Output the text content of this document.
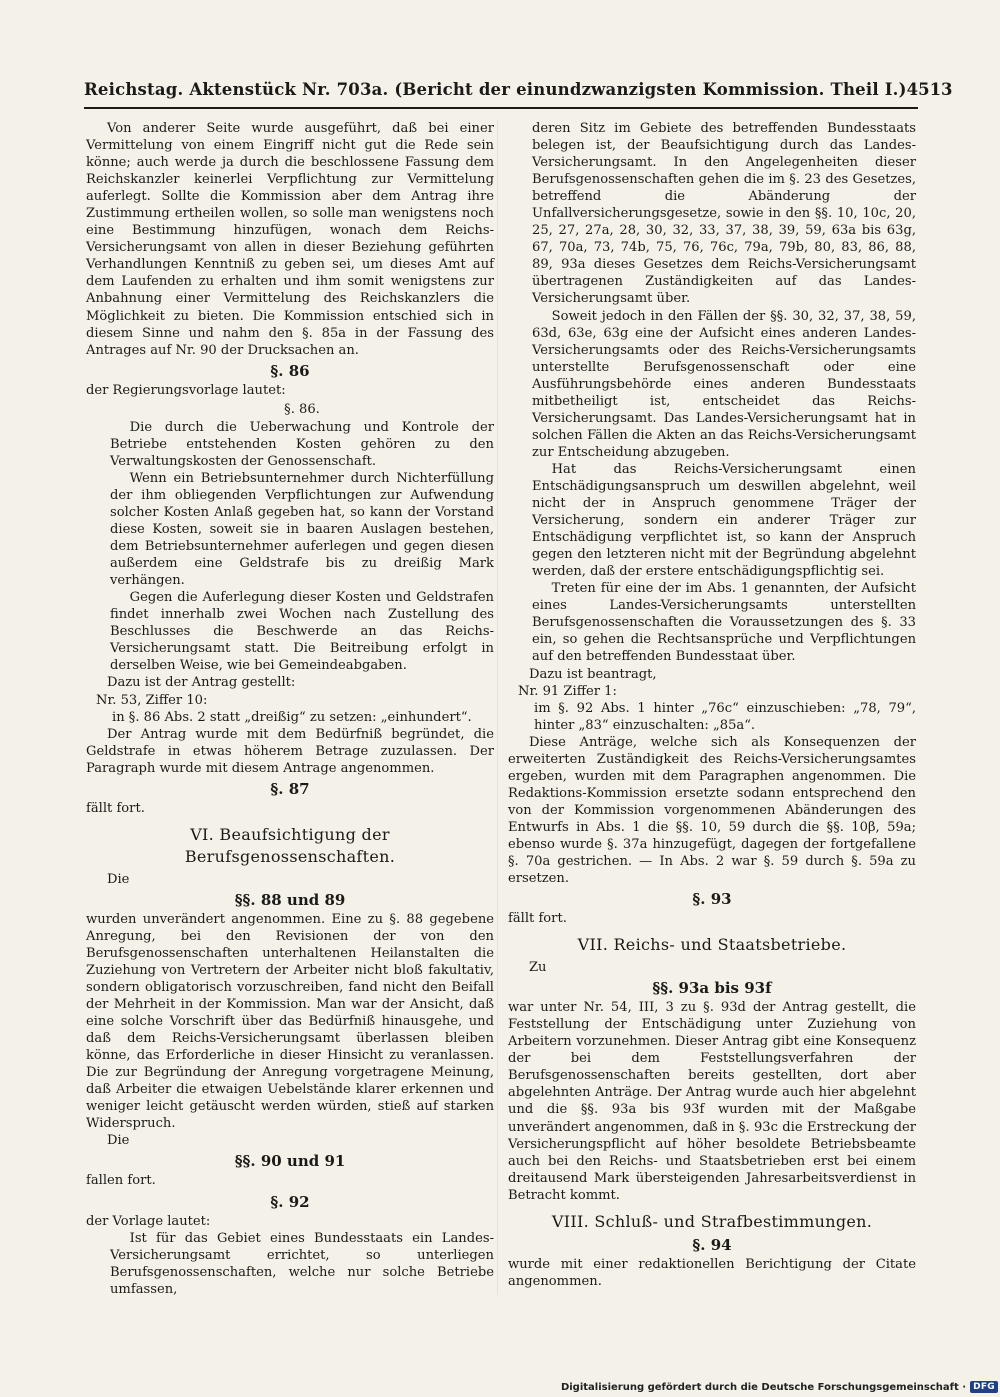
Reichstag. Aktenstück Nr. 703a. (Bericht der einundzwanzigsten Kommission. Theil I.) 4513

Von anderer Seite wurde ausgeführt, daß bei einer Vermittelung von einem Eingriff nicht gut die Rede sein könne; auch werde ja durch die beschlossene Fassung dem Reichskanzler keinerlei Verpflichtung zur Vermittelung auferlegt. Sollte die Kommission aber dem Antrag ihre Zustimmung ertheilen wollen, so solle man wenigstens noch eine Bestimmung hinzufügen, wonach dem Reichs-Versicherungsamt von allen in dieser Beziehung geführten Verhandlungen Kenntniß zu geben sei, um dieses Amt auf dem Laufenden zu erhalten und ihm somit wenigstens zur Anbahnung einer Vermittelung des Reichskanzlers die Möglichkeit zu bieten. Die Kommission entschied sich in diesem Sinne und nahm den §. 85a in der Fassung des Antrages auf Nr. 90 der Drucksachen an.

§. 86

der Regierungsvorlage lautet:

§. 86.

Die durch die Ueberwachung und Kontrole der Betriebe entstehenden Kosten gehören zu den Verwaltungskosten der Genossenschaft.

Wenn ein Betriebsunternehmer durch Nichterfüllung der ihm obliegenden Verpflichtungen zur Aufwendung solcher Kosten Anlaß gegeben hat, so kann der Vorstand diese Kosten, soweit sie in baaren Auslagen bestehen, dem Betriebsunternehmer auferlegen und gegen diesen außerdem eine Geldstrafe bis zu dreißig Mark verhängen.

Gegen die Auferlegung dieser Kosten und Geldstrafen findet innerhalb zwei Wochen nach Zustellung des Beschlusses die Beschwerde an das Reichs-Versicherungsamt statt. Die Beitreibung erfolgt in derselben Weise, wie bei Gemeindeabgaben.

Dazu ist der Antrag gestellt:

Nr. 53, Ziffer 10:

in §. 86 Abs. 2 statt „dreißig“ zu setzen: „einhundert“.

Der Antrag wurde mit dem Bedürfniß begründet, die Geldstrafe in etwas höherem Betrage zuzulassen. Der Paragraph wurde mit diesem Antrage angenommen.

§. 87

fällt fort.

VI. Beaufsichtigung der Berufsgenossenschaften.

Die

§§. 88 und 89

wurden unverändert angenommen. Eine zu §. 88 gegebene Anregung, bei den Revisionen der von den Berufsgenossenschaften unterhaltenen Heilanstalten die Zuziehung von Vertretern der Arbeiter nicht bloß fakultativ, sondern obligatorisch vorzuschreiben, fand nicht den Beifall der Mehrheit in der Kommission. Man war der Ansicht, daß eine solche Vorschrift über das Bedürfniß hinausgehe, und daß dem Reichs-Versicherungsamt überlassen bleiben könne, das Erforderliche in dieser Hinsicht zu veranlassen. Die zur Begründung der Anregung vorgetragene Meinung, daß Arbeiter die etwaigen Uebelstände klarer erkennen und weniger leicht getäuscht werden würden, stieß auf starken Widerspruch.

Die

§§. 90 und 91

fallen fort.

§. 92

der Vorlage lautet:

Ist für das Gebiet eines Bundesstaats ein Landes-Versicherungsamt errichtet, so unterliegen Berufsgenossenschaften, welche nur solche Betriebe umfassen,

deren Sitz im Gebiete des betreffenden Bundesstaats belegen ist, der Beaufsichtigung durch das Landes-Versicherungsamt. In den Angelegenheiten dieser Berufsgenossenschaften gehen die im §. 23 des Gesetzes, betreffend die Abänderung der Unfallversicherungsgesetze, sowie in den §§. 10, 10c, 20, 25, 27, 27a, 28, 30, 32, 33, 37, 38, 39, 59, 63a bis 63g, 67, 70a, 73, 74b, 75, 76, 76c, 79a, 79b, 80, 83, 86, 88, 89, 93a dieses Gesetzes dem Reichs-Versicherungsamt übertragenen Zuständigkeiten auf das Landes-Versicherungsamt über.

Soweit jedoch in den Fällen der §§. 30, 32, 37, 38, 59, 63d, 63e, 63g eine der Aufsicht eines anderen Landes-Versicherungsamts oder des Reichs-Versicherungsamts unterstellte Berufsgenossenschaft oder eine Ausführungsbehörde eines anderen Bundesstaats mitbetheiligt ist, entscheidet das Reichs-Versicherungsamt. Das Landes-Versicherungsamt hat in solchen Fällen die Akten an das Reichs-Versicherungsamt zur Entscheidung abzugeben.

Hat das Reichs-Versicherungsamt einen Entschädigungsanspruch um deswillen abgelehnt, weil nicht der in Anspruch genommene Träger der Versicherung, sondern ein anderer Träger zur Entschädigung verpflichtet ist, so kann der Anspruch gegen den letzteren nicht mit der Begründung abgelehnt werden, daß der erstere entschädigungspflichtig sei.

Treten für eine der im Abs. 1 genannten, der Aufsicht eines Landes-Versicherungsamts unterstellten Berufsgenossenschaften die Voraussetzungen des §. 33 ein, so gehen die Rechtsansprüche und Verpflichtungen auf den betreffenden Bundesstaat über.

Dazu ist beantragt,

Nr. 91 Ziffer 1:

im §. 92 Abs. 1 hinter „76c“ einzuschieben: „78, 79“, hinter „83“ einzuschalten: „85a“.

Diese Anträge, welche sich als Konsequenzen der erweiterten Zuständigkeit des Reichs-Versicherungsamtes ergeben, wurden mit dem Paragraphen angenommen. Die Redaktions-Kommission ersetzte sodann entsprechend den von der Kommission vorgenommenen Abänderungen des Entwurfs in Abs. 1 die §§. 10, 59 durch die §§. 10β, 59a; ebenso wurde §. 37a hinzugefügt, dagegen der fortgefallene §. 70a gestrichen. — In Abs. 2 war §. 59 durch §. 59a zu ersetzen.

§. 93

fällt fort.

VII. Reichs- und Staatsbetriebe.

Zu

§§. 93a bis 93f

war unter Nr. 54, III, 3 zu §. 93d der Antrag gestellt, die Feststellung der Entschädigung unter Zuziehung von Arbeitern vorzunehmen. Dieser Antrag gibt eine Konsequenz der bei dem Feststellungsverfahren der Berufsgenossenschaften bereits gestellten, dort aber abgelehnten Anträge. Der Antrag wurde auch hier abgelehnt und die §§. 93a bis 93f wurden mit der Maßgabe unverändert angenommen, daß in §. 93c die Erstreckung der Versicherungspflicht auf höher besoldete Betriebsbeamte auch bei den Reichs- und Staatsbetrieben erst bei einem dreitausend Mark übersteigenden Jahresarbeitsverdienst in Betracht kommt.

VIII. Schluß- und Strafbestimmungen.
§. 94

wurde mit einer redaktionellen Berichtigung der Citate angenommen.

Digitalisierung gefördert durch die Deutsche Forschungsgemeinschaft · DFG
